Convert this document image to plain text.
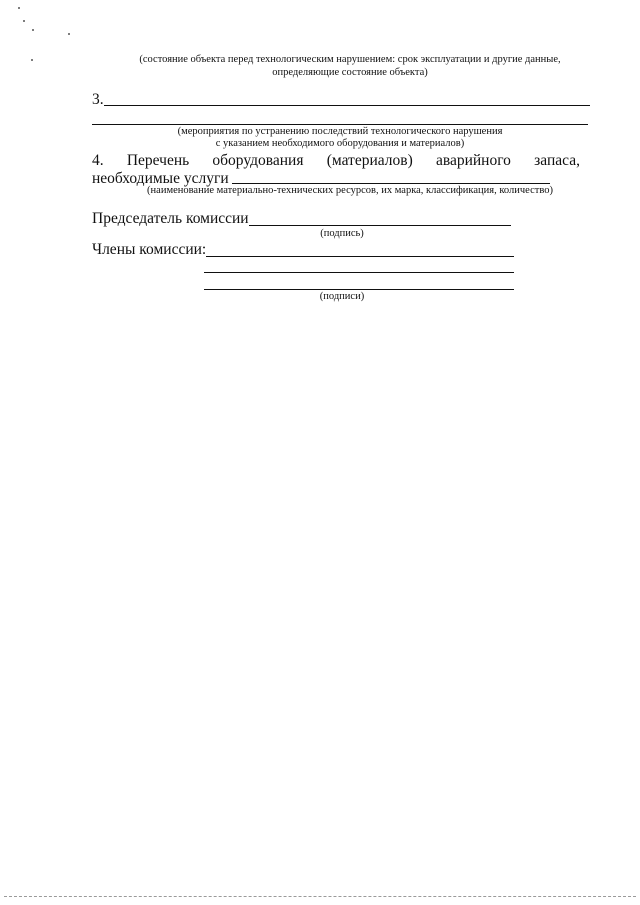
(состояние объекта перед технологическим нарушением: срок эксплуатации и другие данные,
определяющие состояние объекта)
3.
(мероприятия по устранению последствий технологического нарушения
с указанием необходимого оборудования и материалов)
4. Перечень оборудования (материалов) аварийного запаса,
необходимые услуги
(наименование материально-технических ресурсов, их марка, классификация, количество)
Председатель комиссии
(подпись)
Члены комиссии:
(подписи)
